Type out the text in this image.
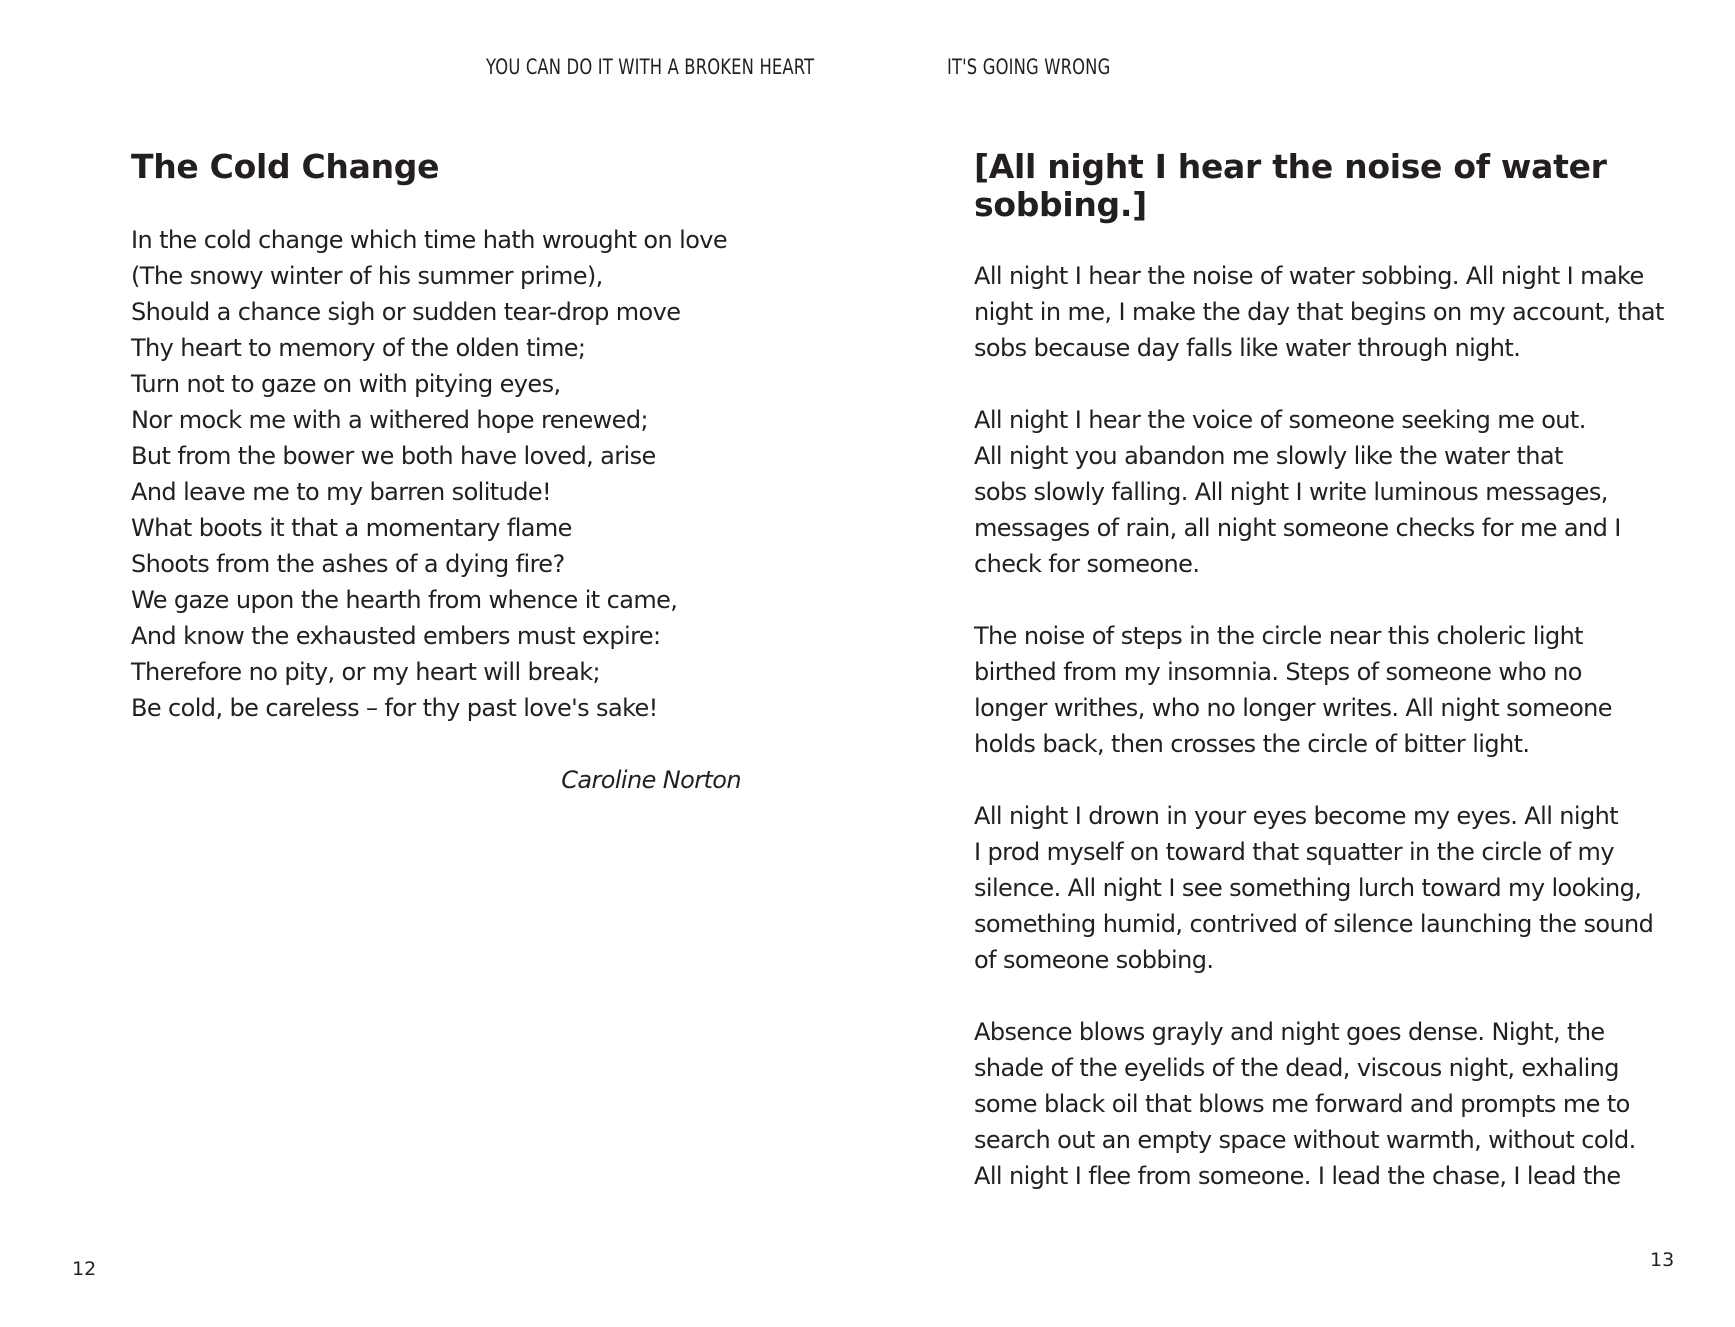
YOU CAN DO IT WITH A BROKEN HEART	IT'S GOING WRONG
The Cold Change
In the cold change which time hath wrought on love
(The snowy winter of his summer prime),
Should a chance sigh or sudden tear-drop move
Thy heart to memory of the olden time;
Turn not to gaze on with pitying eyes,
Nor mock me with a withered hope renewed;
But from the bower we both have loved, arise
And leave me to my barren solitude!
What boots it that a momentary flame
Shoots from the ashes of a dying fire?
We gaze upon the hearth from whence it came,
And know the exhausted embers must expire:
Therefore no pity, or my heart will break;
Be cold, be careless – for thy past love's sake!
Caroline Norton
[All night I hear the noise of water
sobbing.]
All night I hear the noise of water sobbing. All night I make
night in me, I make the day that begins on my account, that
sobs because day falls like water through night.
All night I hear the voice of someone seeking me out.
All night you abandon me slowly like the water that
sobs slowly falling. All night I write luminous messages,
messages of rain, all night someone checks for me and I
check for someone.
The noise of steps in the circle near this choleric light
birthed from my insomnia. Steps of someone who no
longer writhes, who no longer writes. All night someone
holds back, then crosses the circle of bitter light.
All night I drown in your eyes become my eyes. All night
I prod myself on toward that squatter in the circle of my
silence. All night I see something lurch toward my looking,
something humid, contrived of silence launching the sound
of someone sobbing.
Absence blows grayly and night goes dense. Night, the
shade of the eyelids of the dead, viscous night, exhaling
some black oil that blows me forward and prompts me to
search out an empty space without warmth, without cold.
All night I flee from someone. I lead the chase, I lead the
12	13
